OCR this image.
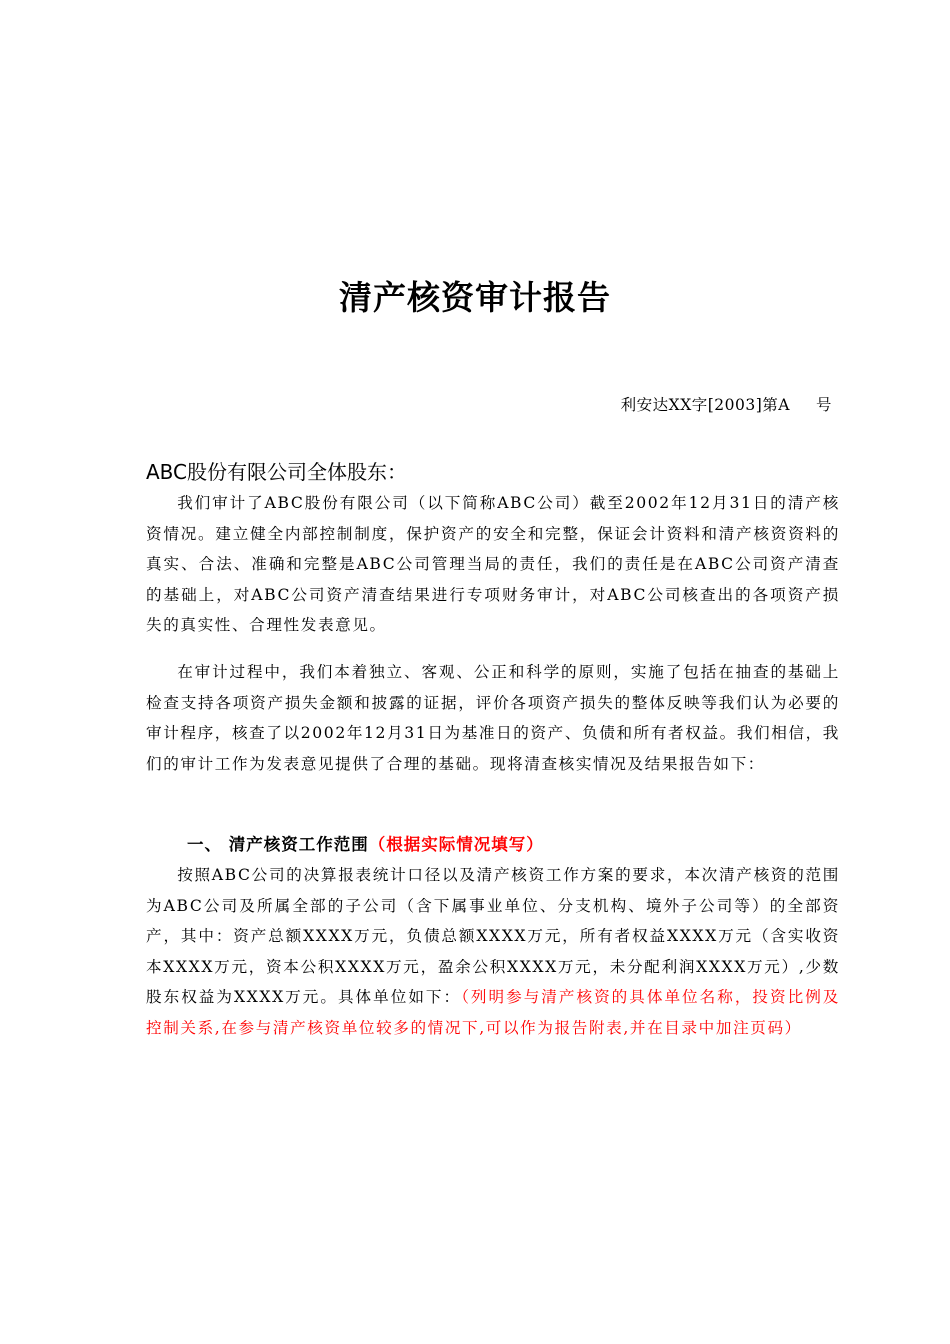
清产核资审计报告
利安达XX字[2003]第A 号
ABC股份有限公司全体股东：
我们审计了ABC股份有限公司（以下简称ABC公司）截至2002年12月31日的清产核资情况。建立健全内部控制制度，保护资产的安全和完整，保证会计资料和清产核资资料的真实、合法、准确和完整是ABC公司管理当局的责任，我们的责任是在ABC公司资产清查的基础上，对ABC公司资产清查结果进行专项财务审计，对ABC公司核查出的各项资产损失的真实性、合理性发表意见。
在审计过程中，我们本着独立、客观、公正和科学的原则，实施了包括在抽查的基础上检查支持各项资产损失金额和披露的证据，评价各项资产损失的整体反映等我们认为必要的审计程序，核查了以2002年12月31日为基准日的资产、负债和所有者权益。我们相信，我们的审计工作为发表意见提供了合理的基础。现将清查核实情况及结果报告如下：
一、 清产核资工作范围（根据实际情况填写）
按照ABC公司的决算报表统计口径以及清产核资工作方案的要求，本次清产核资的范围为ABC公司及所属全部的子公司（含下属事业单位、分支机构、境外子公司等）的全部资产，其中：资产总额XXXX万元，负债总额XXXX万元，所有者权益XXXX万元（含实收资本XXXX万元，资本公积XXXX万元，盈余公积XXXX万元，未分配利润XXXX万元）,少数股东权益为XXXX万元。具体单位如下：（列明参与清产核资的具体单位名称，投资比例及控制关系,在参与清产核资单位较多的情况下,可以作为报告附表,并在目录中加注页码）
